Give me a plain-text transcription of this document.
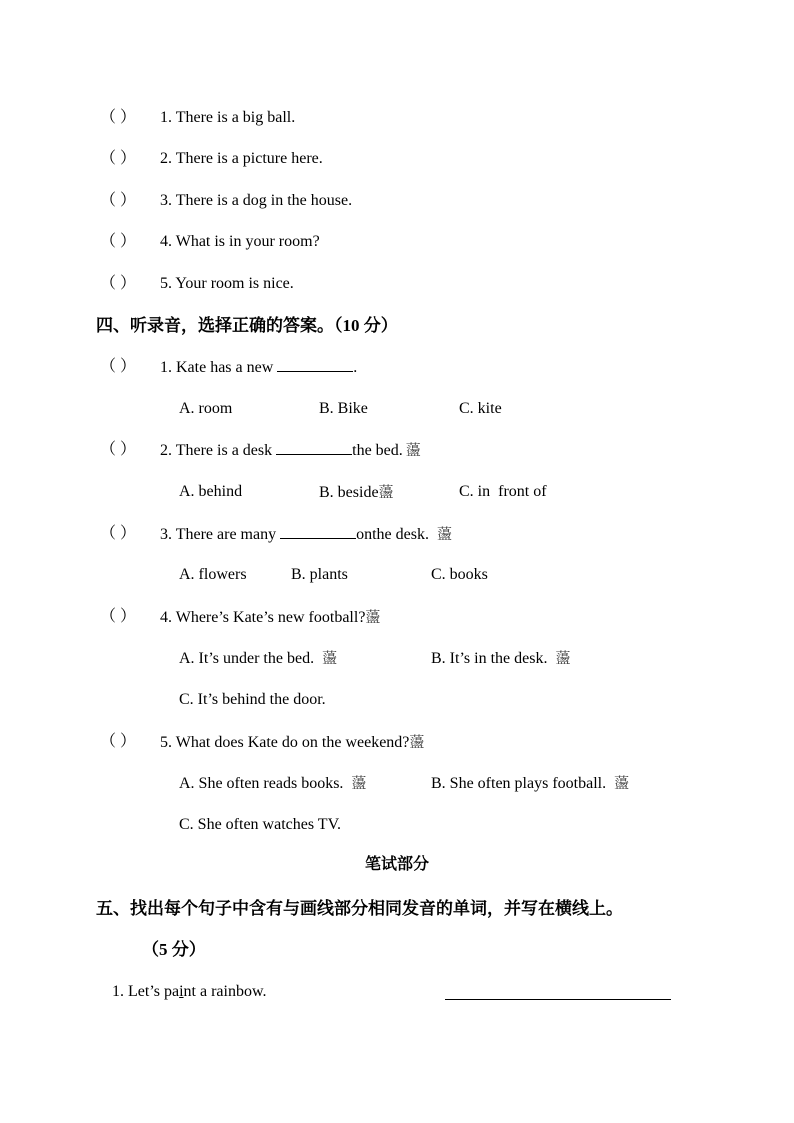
（ ） 1. There is a big ball.
（ ） 2. There is a picture here.
（ ） 3. There is a dog in the house.
（ ） 4. What is in your room?
（ ） 5. Your room is nice.
四、听录音，选择正确的答案。（10 分）
（ ） 1. Kate has a new	.
A. room	B. Bike	C. kite
（ ） 2. There is a desk	the bed. 蘯
A. behind	B. beside蘯	C. in  front of
（ ） 3. There are many	onthe desk. 蘯
A. flowers	B. plants	C. books
（ ） 4. Where’s Kate’s new football?蘯
A. It’s under the bed. 蘯	B. It’s in the desk. 蘯
C. It’s behind the door.
（ ） 5. What does Kate do on the weekend?蘯
A. She often reads books. 蘯	B. She often plays football. 蘯
C. She often watches TV.
笔试部分
五、找出每个句子中含有与画线部分相同发音的单词，并写在横线上。
（5 分）
1. Let’s paint a rainbow.
